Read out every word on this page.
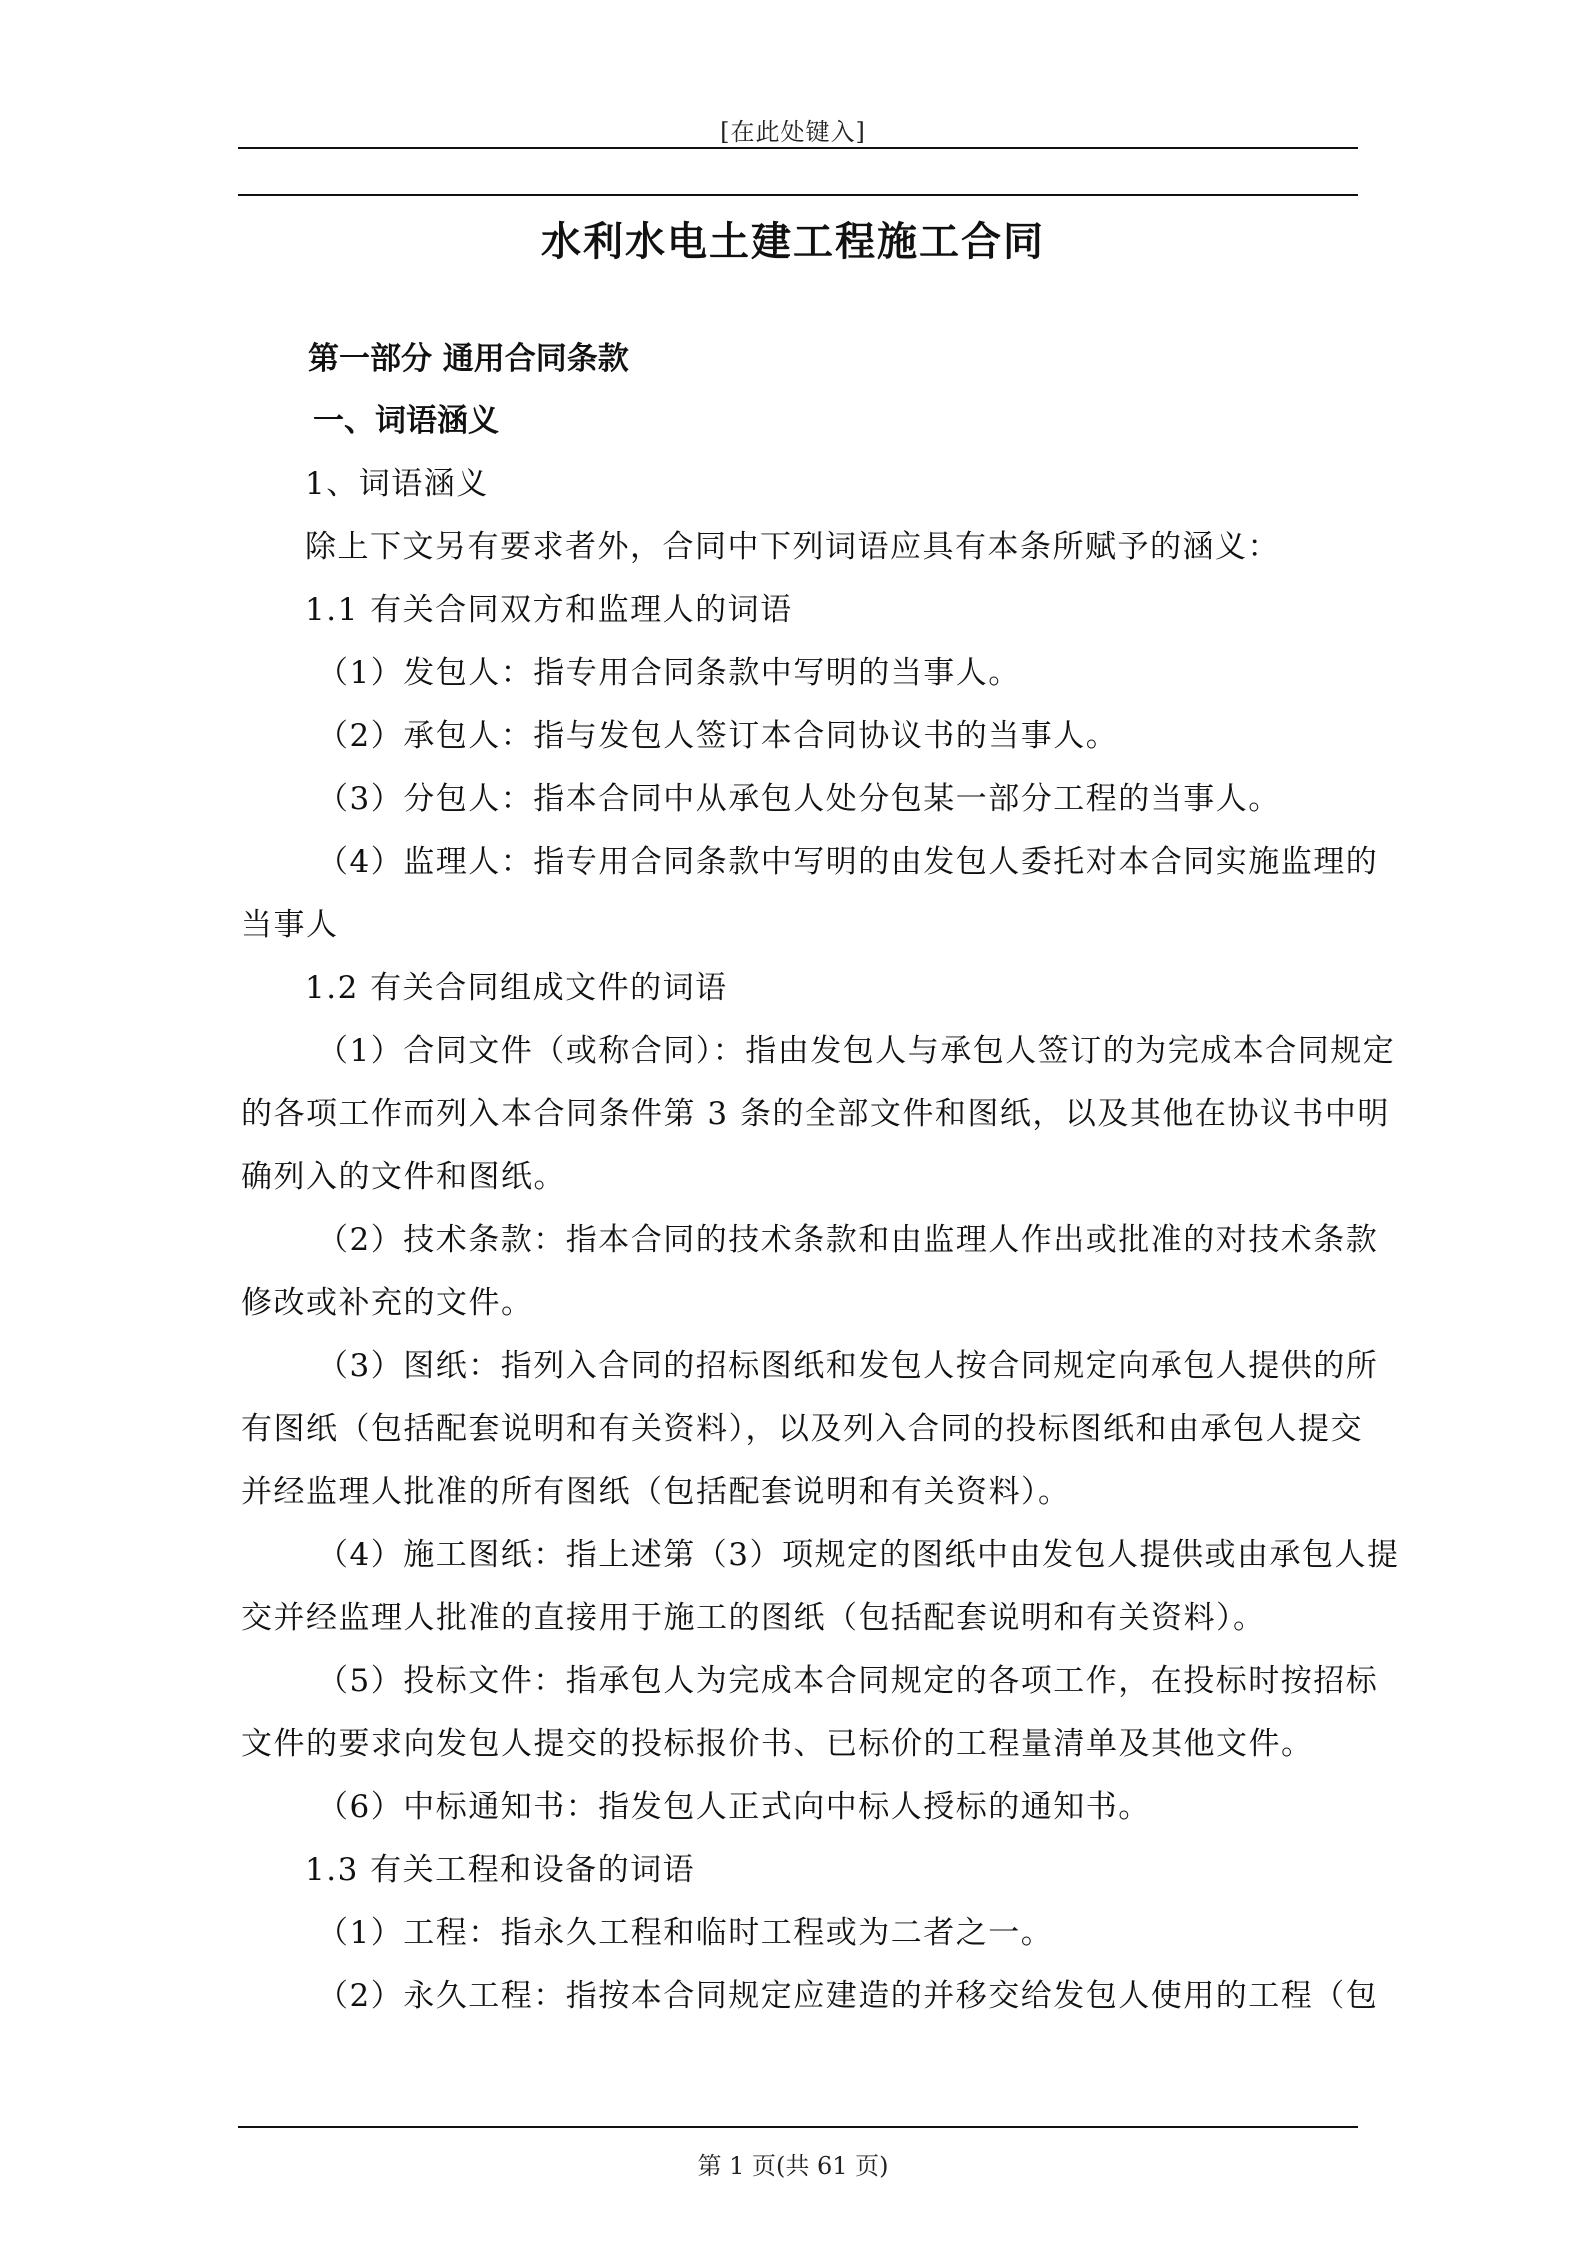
[在此处键入]
水利水电土建工程施工合同
第一部分 通用合同条款
一、词语涵义
1、词语涵义
除上下文另有要求者外，合同中下列词语应具有本条所赋予的涵义：
1.1 有关合同双方和监理人的词语
（1）发包人：指专用合同条款中写明的当事人。
（2）承包人：指与发包人签订本合同协议书的当事人。
（3）分包人：指本合同中从承包人处分包某一部分工程的当事人。
（4）监理人：指专用合同条款中写明的由发包人委托对本合同实施监理的
当事人
1.2 有关合同组成文件的词语
（1）合同文件（或称合同）：指由发包人与承包人签订的为完成本合同规定
的各项工作而列入本合同条件第 3 条的全部文件和图纸，以及其他在协议书中明
确列入的文件和图纸。
（2）技术条款：指本合同的技术条款和由监理人作出或批准的对技术条款
修改或补充的文件。
（3）图纸：指列入合同的招标图纸和发包人按合同规定向承包人提供的所
有图纸（包括配套说明和有关资料），以及列入合同的投标图纸和由承包人提交
并经监理人批准的所有图纸（包括配套说明和有关资料）。
（4）施工图纸：指上述第（3）项规定的图纸中由发包人提供或由承包人提
交并经监理人批准的直接用于施工的图纸（包括配套说明和有关资料）。
（5）投标文件：指承包人为完成本合同规定的各项工作，在投标时按招标
文件的要求向发包人提交的投标报价书、已标价的工程量清单及其他文件。
（6）中标通知书：指发包人正式向中标人授标的通知书。
1.3 有关工程和设备的词语
（1）工程：指永久工程和临时工程或为二者之一。
（2）永久工程：指按本合同规定应建造的并移交给发包人使用的工程（包
第 1 页(共 61 页)
